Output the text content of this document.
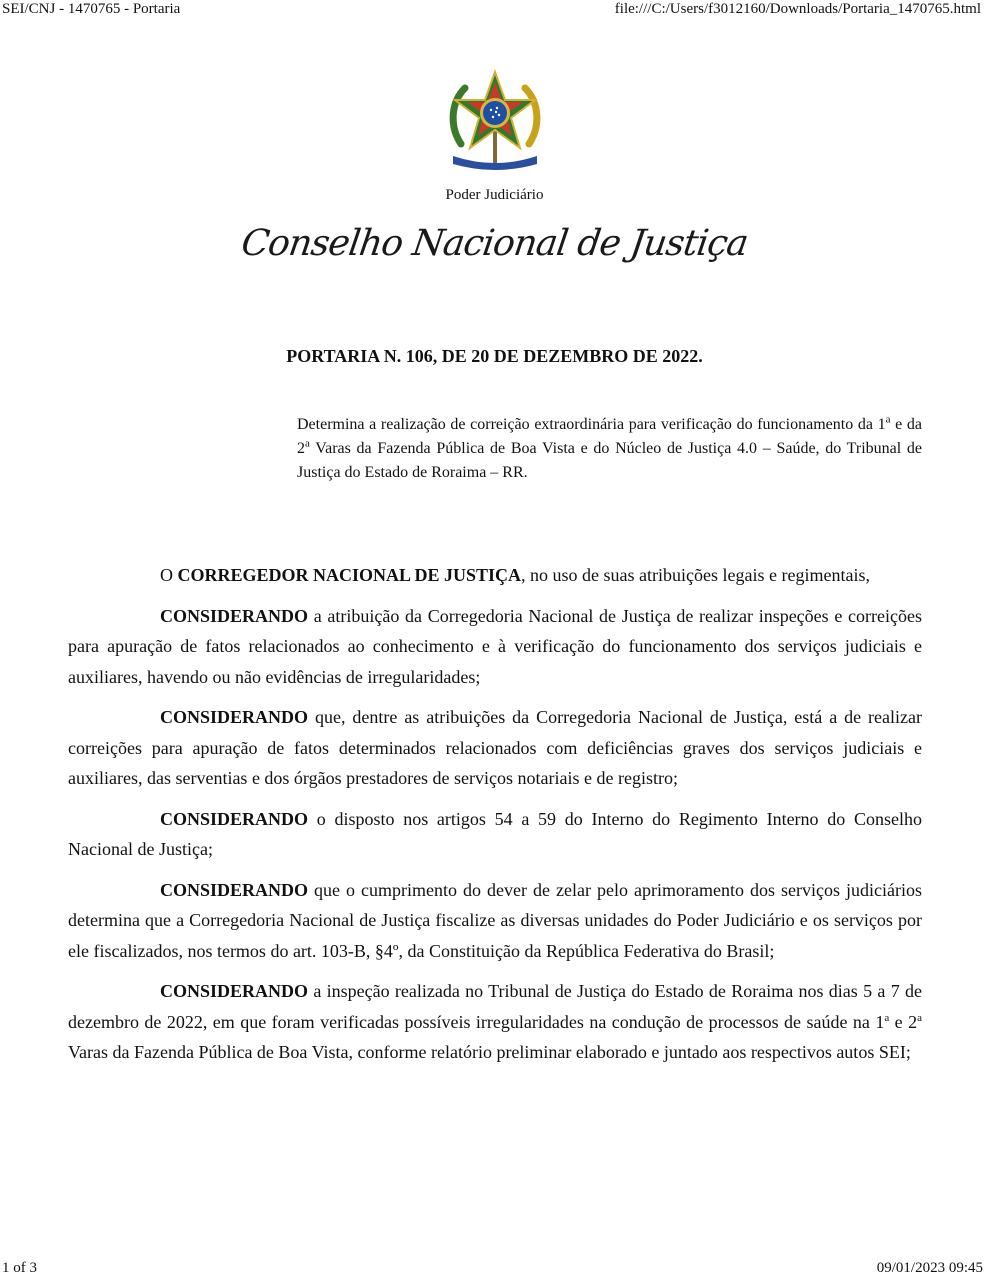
SEI/CNJ - 1470765 - Portaria	file:///C:/Users/f3012160/Downloads/Portaria_1470765.html
Poder Judiciário
Conselho Nacional de Justiça
PORTARIA N. 106, DE 20 DE DEZEMBRO DE 2022.
Determina a realização de correição extraordinária para verificação do funcionamento da 1$^a$ e da 2$^a$ Varas da Fazenda Pública de Boa Vista e do Núcleo de Justiça 4.0 – Saúde, do Tribunal de Justiça do Estado de Roraima – RR.

O CORREGEDOR NACIONAL DE JUSTIÇA, no uso de suas atribuições legais e regimentais,

CONSIDERANDO a atribuição da Corregedoria Nacional de Justiça de realizar inspeções e correições para apuração de fatos relacionados ao conhecimento e à verificação do funcionamento dos serviços judiciais e auxiliares, havendo ou não evidências de irregularidades;

CONSIDERANDO que, dentre as atribuições da Corregedoria Nacional de Justiça, está a de realizar correições para apuração de fatos determinados relacionados com deficiências graves dos serviços judiciais e auxiliares, das serventias e dos órgãos prestadores de serviços notariais e de registro;

CONSIDERANDO o disposto nos artigos 54 a 59 do Interno do Regimento Interno do Conselho Nacional de Justiça;

CONSIDERANDO que o cumprimento do dever de zelar pelo aprimoramento dos serviços judiciários determina que a Corregedoria Nacional de Justiça fiscalize as diversas unidades do Poder Judiciário e os serviços por ele fiscalizados, nos termos do art. 103-B, §4º, da Constituição da República Federativa do Brasil;

CONSIDERANDO a inspeção realizada no Tribunal de Justiça do Estado de Roraima nos dias 5 a 7 de dezembro de 2022, em que foram verificadas possíveis irregularidades na condução de processos de saúde na 1$^a$ e 2$^a$ Varas da Fazenda Pública de Boa Vista, conforme relatório preliminar elaborado e juntado aos respectivos autos SEI;

1 of 3	09/01/2023 09:45
